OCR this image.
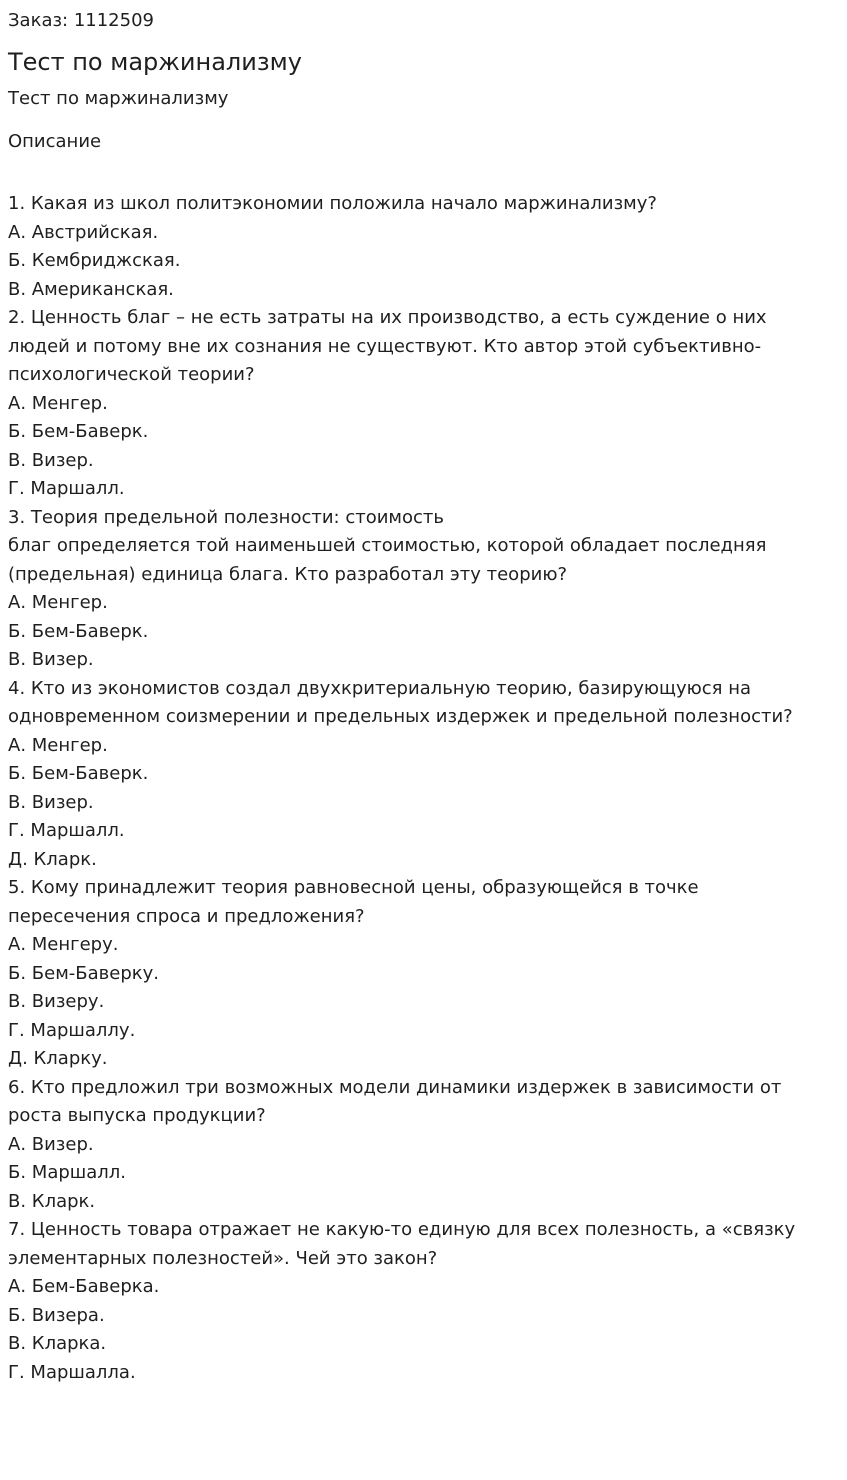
Заказ: 1112509
Тест по маржинализму
Тест по маржинализму
Описание
1. Какая из школ политэкономии положила начало маржинализму?
А. Австрийская.
Б. Кембриджская.
В. Американская.
2. Ценность благ – не есть затраты на их производство, а есть суждение о них
людей и потому вне их сознания не существуют. Кто автор этой субъективно-
психологической теории?
А. Менгер.
Б. Бем-Баверк.
В. Визер.
Г. Маршалл.
3. Теория предельной полезности: стоимость
благ определяется той наименьшей стоимостью, которой обладает последняя
(предельная) единица блага. Кто разработал эту теорию?
А. Менгер.
Б. Бем-Баверк.
В. Визер.
4. Кто из экономистов создал двухкритериальную теорию, базирующуюся на
одновременном соизмерении и предельных издержек и предельной полезности?
А. Менгер.
Б. Бем-Баверк.
В. Визер.
Г. Маршалл.
Д. Кларк.
5. Кому принадлежит теория равновесной цены, образующейся в точке
пересечения спроса и предложения?
А. Менгеру.
Б. Бем-Баверку.
В. Визеру.
Г. Маршаллу.
Д. Кларку.
6. Кто предложил три возможных модели динамики издержек в зависимости от
роста выпуска продукции?
А. Визер.
Б. Маршалл.
В. Кларк.
7. Ценность товара отражает не какую-то единую для всех полезность, а «связку
элементарных полезностей». Чей это закон?
А. Бем-Баверка.
Б. Визера.
В. Кларка.
Г. Маршалла.
